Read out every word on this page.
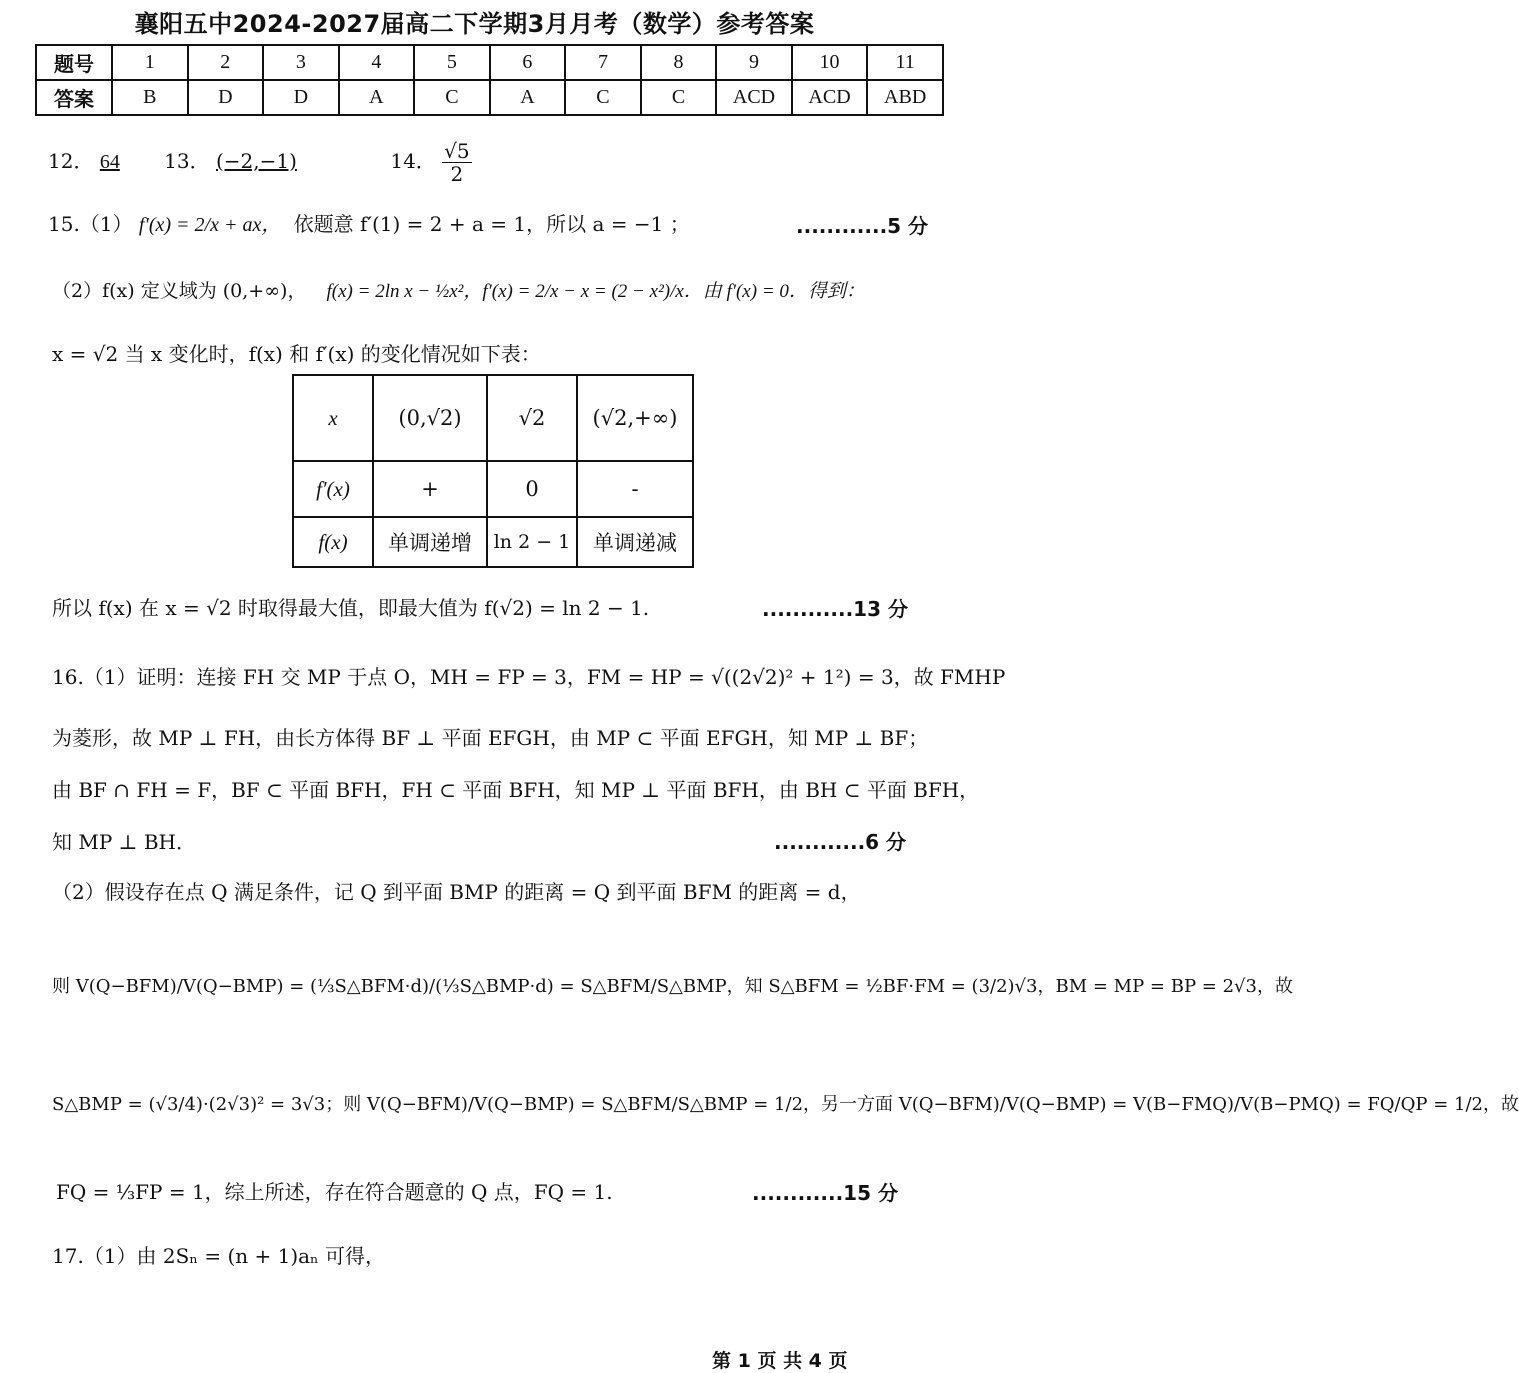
襄阳五中2024-2027届高二下学期3月月考（数学）参考答案
题号	1	2	3	4	5	6	7	8	9	10	11
答案	B	D	D	A	C	A	C	C	ACD	ACD	ABD
12． 64 13． (−2,−1)	14． $\frac{√5}{2}$
15.（1） f′(x) = 2/x + ax， 依题意 f′(1) = 2 + a = 1，所以 a = −1 ；	............5 分
（2）f(x) 定义域为 (0,+∞)， f(x) = 2ln x − ½x²，f′(x) = 2/x − x = (2 − x²)/x．由 f′(x) = 0．得到：
x = √2 当 x 变化时，f(x) 和 f′(x) 的变化情况如下表：
x	(0,√2)	√2	(√2,+∞)
f′(x)	+	0	-
f(x)	单调递增	ln 2 − 1	单调递减
所以 f(x) 在 x = √2 时取得最大值，即最大值为 f(√2) = ln 2 − 1.	............13 分
16.（1）证明：连接 FH 交 MP 于点 O，MH = FP = 3，FM = HP = √((2√2)² + 1²) = 3，故 FMHP
为菱形，故 MP ⊥ FH，由长方体得 BF ⊥ 平面 EFGH，由 MP ⊂ 平面 EFGH，知 MP ⊥ BF；
由 BF ∩ FH = F，BF ⊂ 平面 BFH，FH ⊂ 平面 BFH，知 MP ⊥ 平面 BFH，由 BH ⊂ 平面 BFH，
知 MP ⊥ BH．	............6 分
（2）假设存在点 Q 满足条件，记 Q 到平面 BMP 的距离 = Q 到平面 BFM 的距离 = d，
则 V(Q−BFM)/V(Q−BMP) = (⅓S△BFM·d)/(⅓S△BMP·d) = S△BFM/S△BMP，知 S△BFM = ½BF·FM = (3/2)√3，BM = MP = BP = 2√3，故
S△BMP = (√3/4)·(2√3)² = 3√3；则 V(Q−BFM)/V(Q−BMP) = S△BFM/S△BMP = 1/2，另一方面 V(Q−BFM)/V(Q−BMP) = V(B−FMQ)/V(B−PMQ) = FQ/QP = 1/2，故
FQ = ⅓FP = 1，综上所述，存在符合题意的 Q 点，FQ = 1.	............15 分
17.（1）由 2Sₙ = (n + 1)aₙ 可得，
第 1 页 共 4 页
